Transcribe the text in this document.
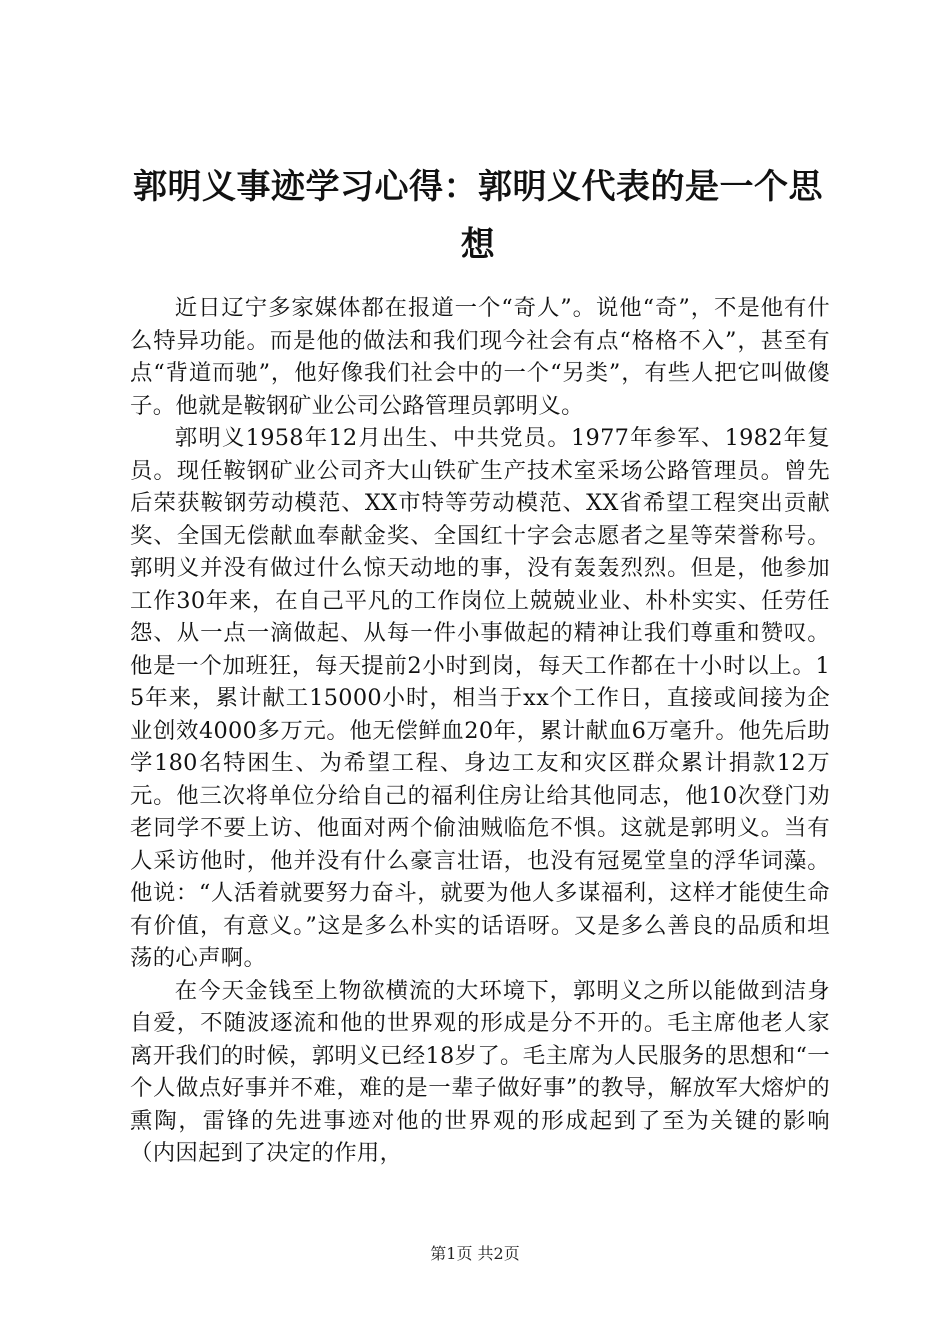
郭明义事迹学习心得：郭明义代表的是一个思想

近日辽宁多家媒体都在报道一个“奇人”。说他“奇”，不是他有什么特异功能。而是他的做法和我们现今社会有点“格格不入”，甚至有点“背道而驰”，他好像我们社会中的一个“另类”，有些人把它叫做傻子。他就是鞍钢矿业公司公路管理员郭明义。

郭明义1958年12月出生、中共党员。1977年参军、1982年复员。现任鞍钢矿业公司齐大山铁矿生产技术室采场公路管理员。曾先后荣获鞍钢劳动模范、XX市特等劳动模范、XX省希望工程突出贡献奖、全国无偿献血奉献金奖、全国红十字会志愿者之星等荣誉称号。郭明义并没有做过什么惊天动地的事，没有轰轰烈烈。但是，他参加工作30年来，在自己平凡的工作岗位上兢兢业业、朴朴实实、任劳任怨、从一点一滴做起、从每一件小事做起的精神让我们尊重和赞叹。他是一个加班狂，每天提前2小时到岗，每天工作都在十小时以上。15年来，累计献工15000小时，相当于xx个工作日，直接或间接为企业创效4000多万元。他无偿鲜血20年，累计献血6万毫升。他先后助学180名特困生、为希望工程、身边工友和灾区群众累计捐款12万元。他三次将单位分给自己的福利住房让给其他同志，他10次登门劝老同学不要上访、他面对两个偷油贼临危不惧。这就是郭明义。当有人采访他时，他并没有什么豪言壮语，也没有冠冕堂皇的浮华词藻。他说：“人活着就要努力奋斗，就要为他人多谋福利，这样才能使生命有价值，有意义。”这是多么朴实的话语呀。又是多么善良的品质和坦荡的心声啊。

在今天金钱至上物欲横流的大环境下，郭明义之所以能做到洁身自爱，不随波逐流和他的世界观的形成是分不开的。毛主席他老人家离开我们的时候，郭明义已经18岁了。毛主席为人民服务的思想和“一个人做点好事并不难，难的是一辈子做好事”的教导，解放军大熔炉的熏陶，雷锋的先进事迹对他的世界观的形成起到了至为关键的影响（内因起到了决定的作用，

第1页 共2页
